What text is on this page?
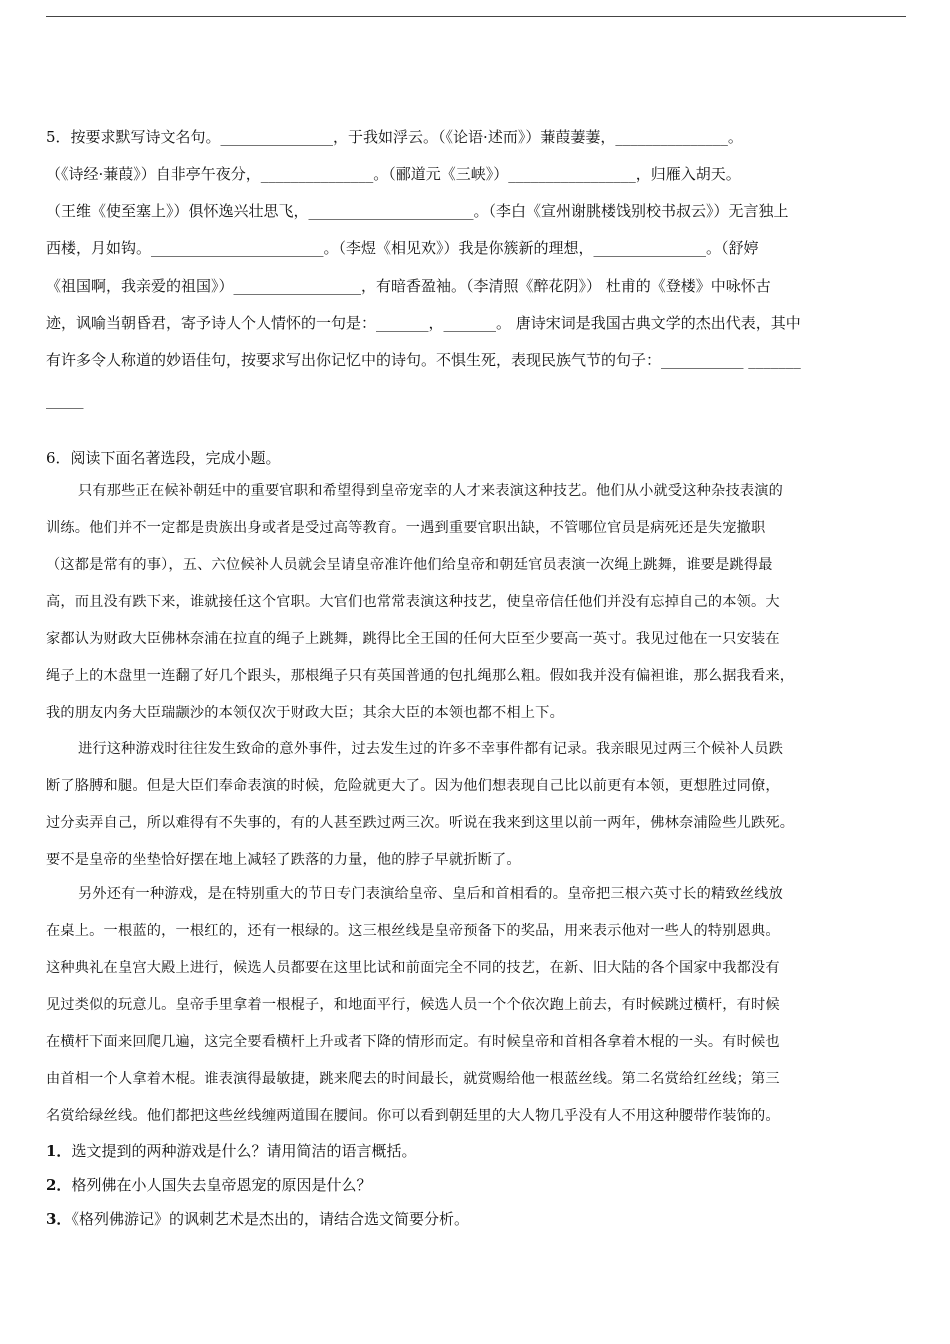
5．按要求默写诗文名句。_______________，于我如浮云。（《论语·述而》）蒹葭萋萋，_______________。
（《诗经·蒹葭》）自非亭午夜分，_______________。（郦道元《三峡》）_________________，归雁入胡天。
（王维《使至塞上》）俱怀逸兴壮思飞，______________________。（李白《宣州谢朓楼饯别校书叔云》）无言独上
西楼，月如钩。_______________________。（李煜《相见欢》）我是你簇新的理想，_______________。（舒婷
《祖国啊，我亲爱的祖国》）_________________，有暗香盈袖。（李清照《醉花阴》） 杜甫的《登楼》中咏怀古
迹，讽喻当朝昏君，寄予诗人个人情怀的一句是：_______，_______。 唐诗宋词是我国古典文学的杰出代表，其中
有许多令人称道的妙语佳句，按要求写出你记忆中的诗句。不惧生死，表现民族气节的句子：___________ _______
_____
6．阅读下面名著选段，完成小题。
只有那些正在候补朝廷中的重要官职和希望得到皇帝宠幸的人才来表演这种技艺。他们从小就受这种杂技表演的
训练。他们并不一定都是贵族出身或者是受过高等教育。一遇到重要官职出缺，不管哪位官员是病死还是失宠撤职
（这都是常有的事），五、六位候补人员就会呈请皇帝准许他们给皇帝和朝廷官员表演一次绳上跳舞，谁要是跳得最
高，而且没有跌下来，谁就接任这个官职。大官们也常常表演这种技艺，使皇帝信任他们并没有忘掉自己的本领。大
家都认为财政大臣佛林奈浦在拉直的绳子上跳舞，跳得比全王国的任何大臣至少要高一英寸。我见过他在一只安装在
绳子上的木盘里一连翻了好几个跟头，那根绳子只有英国普通的包扎绳那么粗。假如我并没有偏袒谁，那么据我看来，
我的朋友内务大臣瑞颛沙的本领仅次于财政大臣；其余大臣的本领也都不相上下。
进行这种游戏时往往发生致命的意外事件，过去发生过的许多不幸事件都有记录。我亲眼见过两三个候补人员跌
断了胳膊和腿。但是大臣们奉命表演的时候，危险就更大了。因为他们想表现自己比以前更有本领，更想胜过同僚，
过分卖弄自己，所以难得有不失事的，有的人甚至跌过两三次。听说在我来到这里以前一两年，佛林奈浦险些儿跌死。
要不是皇帝的坐垫恰好摆在地上减轻了跌落的力量，他的脖子早就折断了。
另外还有一种游戏，是在特别重大的节日专门表演给皇帝、皇后和首相看的。皇帝把三根六英寸长的精致丝线放
在桌上。一根蓝的，一根红的，还有一根绿的。这三根丝线是皇帝预备下的奖品，用来表示他对一些人的特别恩典。
这种典礼在皇宫大殿上进行，候选人员都要在这里比试和前面完全不同的技艺，在新、旧大陆的各个国家中我都没有
见过类似的玩意儿。皇帝手里拿着一根棍子，和地面平行，候选人员一个个依次跑上前去，有时候跳过横杆，有时候
在横杆下面来回爬几遍，这完全要看横杆上升或者下降的情形而定。有时候皇帝和首相各拿着木棍的一头。有时候也
由首相一个人拿着木棍。谁表演得最敏捷，跳来爬去的时间最长，就赏赐给他一根蓝丝线。第二名赏给红丝线；第三
名赏给绿丝线。他们都把这些丝线缠两道围在腰间。你可以看到朝廷里的大人物几乎没有人不用这种腰带作装饰的。
1．选文提到的两种游戏是什么？请用简洁的语言概括。
2．格列佛在小人国失去皇帝恩宠的原因是什么？
3．《格列佛游记》的讽刺艺术是杰出的，请结合选文简要分析。
